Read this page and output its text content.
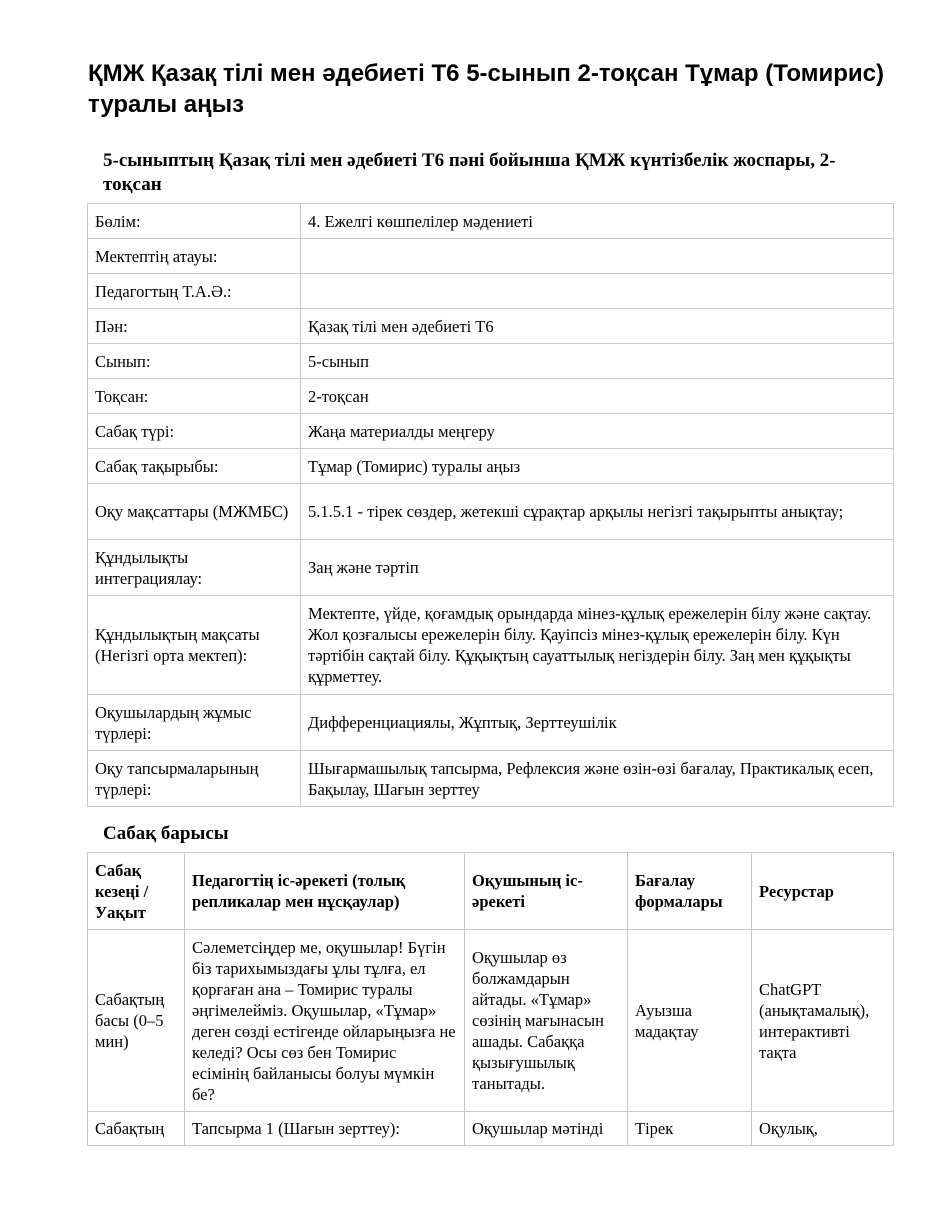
ҚМЖ Қазақ тілі мен әдебиеті Т6 5-сынып 2-тоқсан Тұмар (Томирис) туралы аңыз
5-сыныптың Қазақ тілі мен әдебиеті Т6 пәні бойынша ҚМЖ күнтізбелік жоспары, 2-тоқсан
Бөлім:	4. Ежелгі көшпелілер мәдениеті
Мектептің атауы:	
Педагогтың Т.А.Ә.:	
Пән:	Қазақ тілі мен әдебиеті Т6
Сынып:	5-сынып
Тоқсан:	2-тоқсан
Сабақ түрі:	Жаңа материалды меңгеру
Сабақ тақырыбы:	Тұмар (Томирис) туралы аңыз
Оқу мақсаттары (МЖМБС)	5.1.5.1 - тірек сөздер, жетекші сұрақтар арқылы негізгі тақырыпты анықтау;
Құндылықты интеграциялау:	Заң және тәртіп
Құндылықтың мақсаты (Негізгі орта мектеп):	Мектепте, үйде, қоғамдық орындарда мінез-құлық ережелерін білу және сақтау. Жол қозғалысы ережелерін білу. Қауіпсіз мінез-құлық ережелерін білу. Күн тәртібін сақтай білу. Құқықтың сауаттылық негіздерін білу. Заң мен құқықты құрметтеу.
Оқушылардың жұмыс түрлері:	Дифференциациялы, Жұптық, Зерттеушілік
Оқу тапсырмаларының түрлері:	Шығармашылық тапсырма, Рефлексия және өзін-өзі бағалау, Практикалық есеп, Бақылау, Шағын зерттеу
Сабақ барысы
Сабақ кезеңі / Уақыт	Педагогтің іс-әрекеті (толық репликалар мен нұсқаулар)	Оқушының іс-әрекеті	Бағалау формалары	Ресурстар
Сабақтың басы (0–5 мин)	Сәлеметсіңдер ме, оқушылар! Бүгін біз тарихымыздағы ұлы тұлға, ел қорғаған ана – Томирис туралы әңгімелейміз. Оқушылар, «Тұмар» деген сөзді естігенде ойларыңызға не келеді? Осы сөз бен Томирис есімінің байланысы болуы мүмкін бе?	Оқушылар өз болжамдарын айтады. «Тұмар» сөзінің мағынасын ашады. Сабаққа қызығушылық танытады.	Ауызша мадақтау	ChatGPT (анықтамалық), интерактивті тақта
Сабақтың	Тапсырма 1 (Шағын зерттеу):	Оқушылар мәтінді	Тірек	Оқулық,
